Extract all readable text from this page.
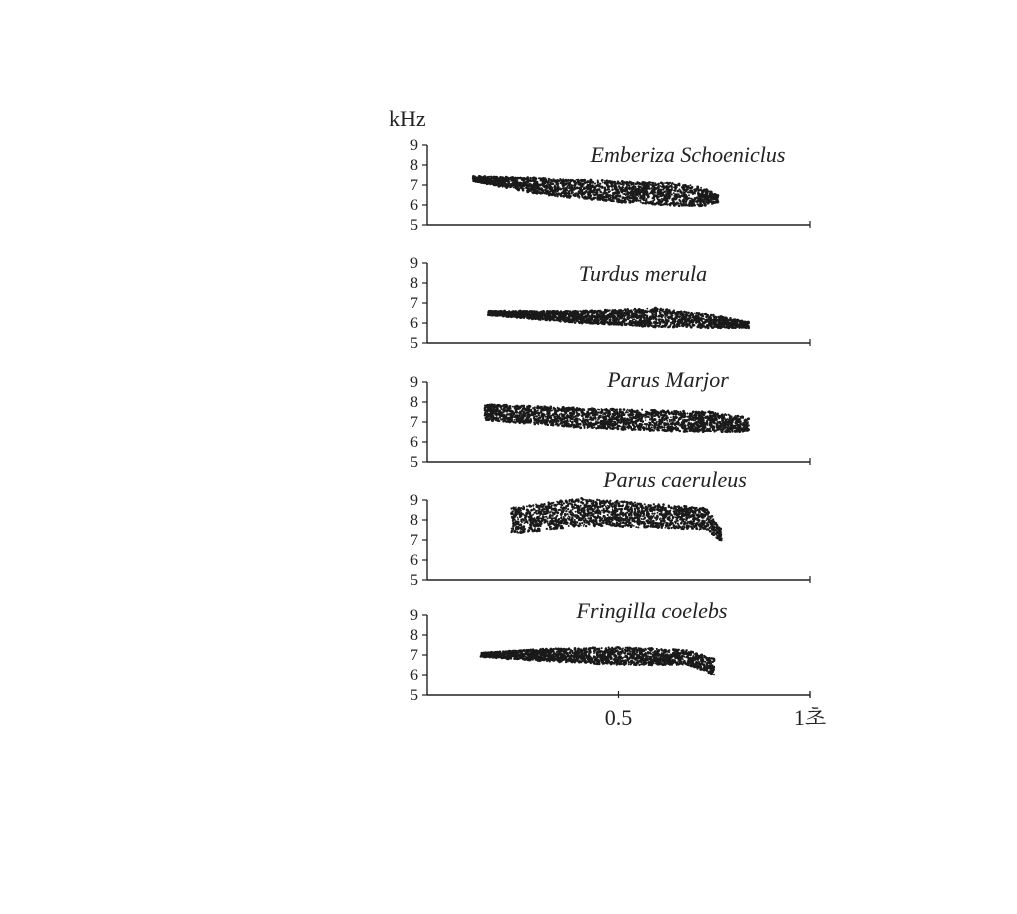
kHz
5
6
7
8
9	Emberiza Schoeniclus
5
6
7
8
9	Turdus merula
5
6
7
8
9	Parus Marjor
5
6
7
8
9
Parus caeruleus
5
6
7
8
9	Fringilla coelebs
0.5	1초
